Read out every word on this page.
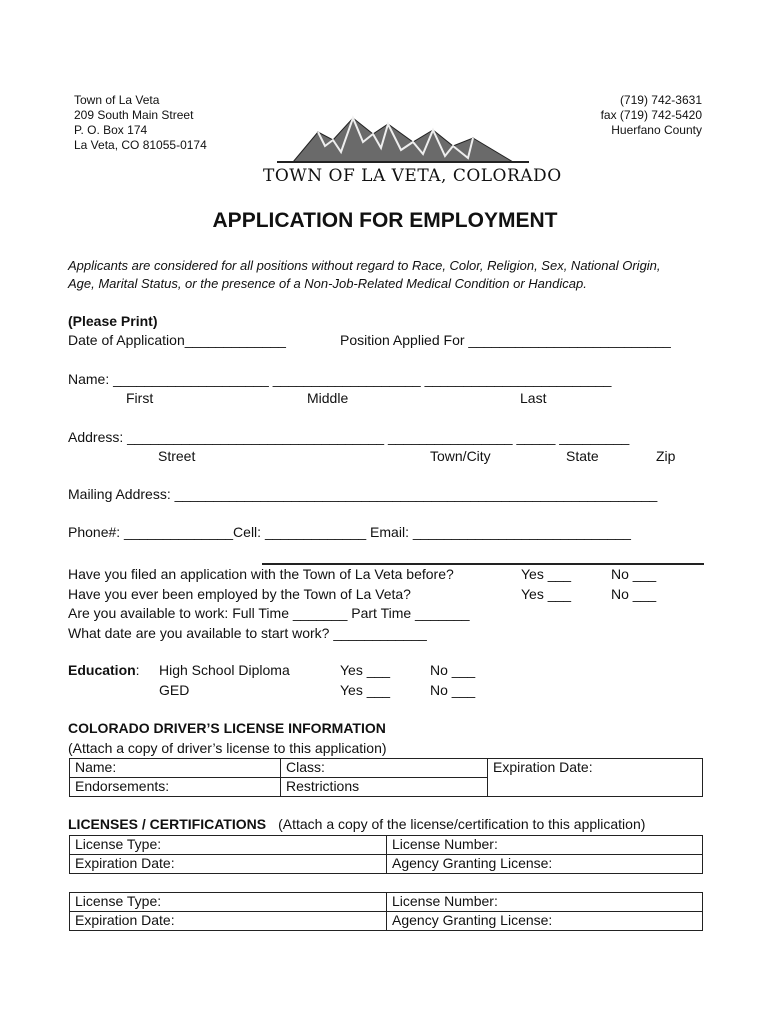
Town of La Veta
209 South Main Street
P. O. Box 174
La Veta, CO 81055-0174
(719) 742-3631
fax (719) 742-5420
Huerfano County
TOWN OF LA VETA, COLORADO
APPLICATION FOR EMPLOYMENT
Applicants are considered for all positions without regard to Race, Color, Religion, Sex, National Origin,
Age, Marital Status, or the presence of a Non-Job-Related Medical Condition or Handicap.
(Please Print)
Date of Application_____________	Position Applied For __________________________
Name: ____________________ ___________________ ________________________
First	Middle	Last
Address: _________________________________ ________________ _____ _________
Street	Town/City	State	Zip
Mailing Address: ______________________________________________________________
Phone#: ______________Cell: _____________ Email: ____________________________
Have you filed an application with the Town of La Veta before?	Yes ___	No ___
Have you ever been employed by the Town of La Veta?	Yes ___	No ___
Are you available to work: Full Time _______ Part Time _______
What date are you available to start work? ____________
Education: High School Diploma	Yes ___	No ___
GED	Yes ___	No ___
COLORADO DRIVER’S LICENSE INFORMATION
(Attach a copy of driver’s license to this application)
Name:	Class:	Expiration Date:
Endorsements:	Restrictions	
LICENSES / CERTIFICATIONS (Attach a copy of the license/certification to this application)
License Type:	License Number:
Expiration Date:	Agency Granting License:
License Type:	License Number:
Expiration Date:	Agency Granting License:
